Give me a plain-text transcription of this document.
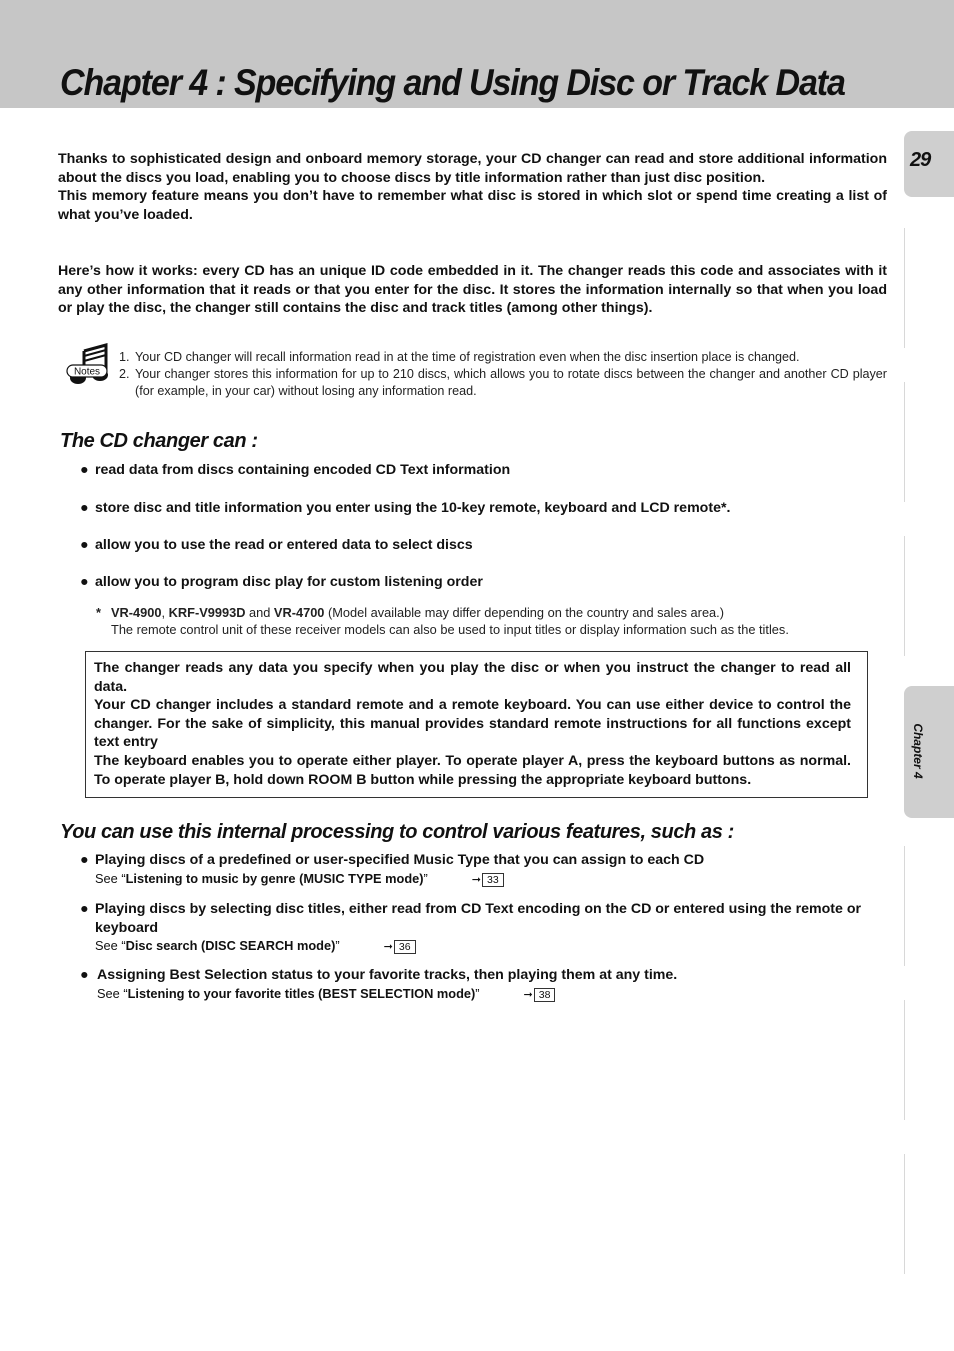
Chapter 4 : Specifying and Using Disc or Track Data
29
Chapter 4

Thanks to sophisticated design and onboard memory storage, your CD changer can read and store additional information about the discs you load, enabling you to choose discs by title information rather than just disc position.

This memory feature means you don’t have to remember what disc is stored in which slot or spend time creating a list of what you’ve loaded.

Here’s how it works: every CD has an unique ID code embedded in it. The changer reads this code and associates with it any other information that it reads or that you enter for the disc. It stores the information internally so that when you load or play the disc, the changer still contains the disc and track titles (among other things).

Notes
1. Your CD changer will recall information read in at the time of registration even when the disc insertion place is changed.
2. Your changer stores this information for up to 210 discs, which allows you to rotate discs between the changer and another CD player (for example, in your car) without losing any information read.
The CD changer can :
● read data from discs containing encoded CD Text information
● store disc and title information you enter using the 10-key remote, keyboard and LCD remote*.
● allow you to use the read or entered data to select discs
● allow you to program disc play for custom listening order
* VR-4900, KRF-V9993D and VR-4700 (Model available may differ depending on the country and sales area.)
The remote control unit of these receiver models can also be used to input titles or display information such as the titles.

The changer reads any data you specify when you play the disc or when you instruct the changer to read all data.

Your CD changer includes a standard remote and a remote keyboard. You can use either device to control the changer. For the sake of simplicity, this manual provides standard remote instructions for all functions except text entry

The keyboard enables you to operate either player. To operate player A, press the keyboard buttons as normal. To operate player B, hold down ROOM B button while pressing the appropriate keyboard buttons.

You can use this internal processing to control various features, such as :
● Playing discs of a predefined or user-specified Music Type that you can assign to each CD
See “Listening to music by genre (MUSIC TYPE mode)”	➞ 33
● Playing discs by selecting disc titles, either read from CD Text encoding on the CD or entered using the remote or keyboard
See “Disc search (DISC SEARCH mode)”	➞ 36
● Assigning Best Selection status to your favorite tracks, then playing them at any time.
See “Listening to your favorite titles (BEST SELECTION mode)”	➞ 38
